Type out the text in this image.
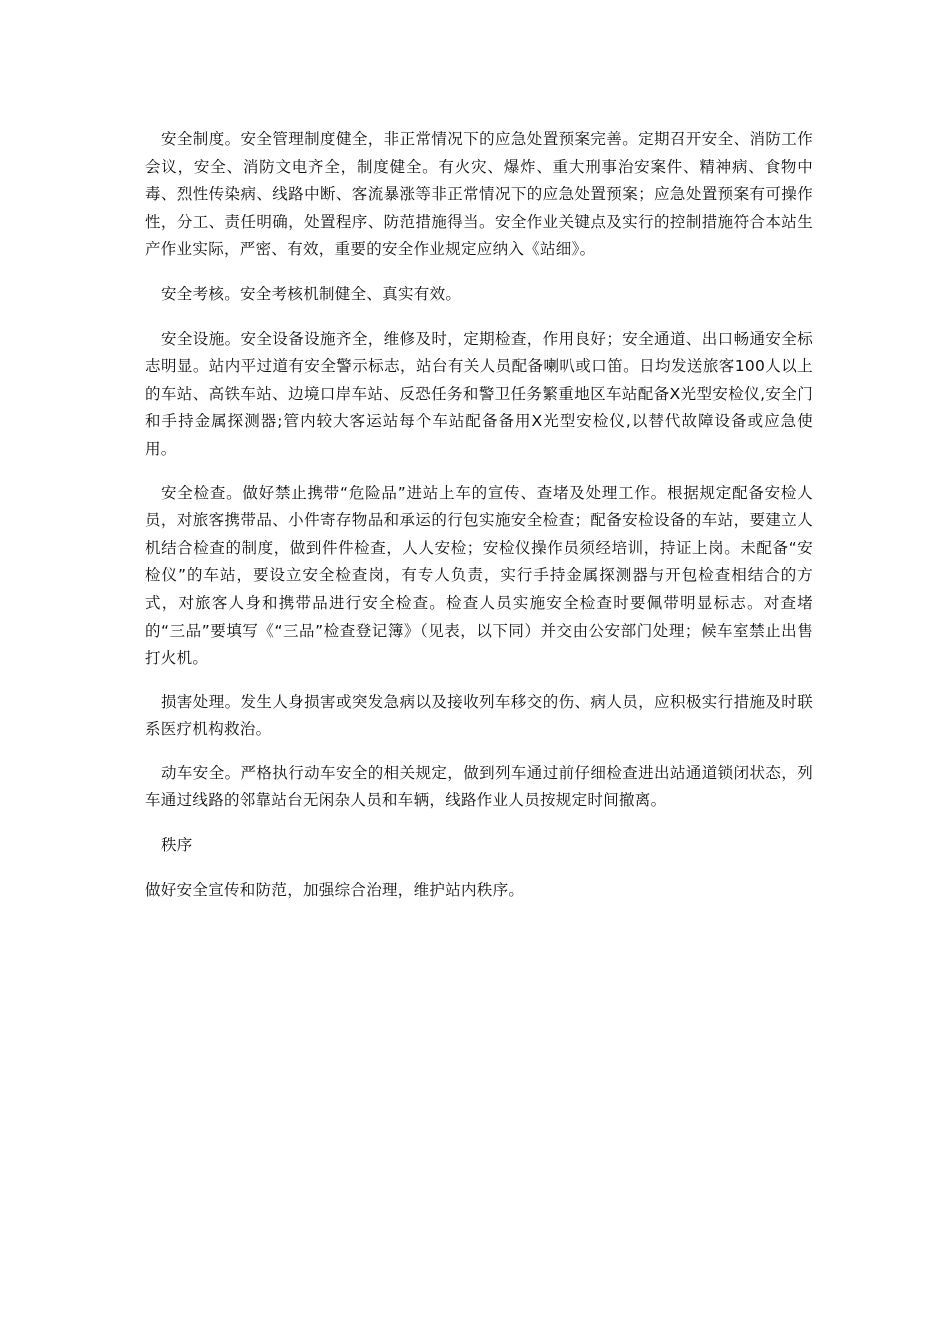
安全制度。安全管理制度健全，非正常情况下的应急处置预案完善。定期召开安全、消防工作会议，安全、消防文电齐全，制度健全。有火灾、爆炸、重大刑事治安案件、精神病、食物中毒、烈性传染病、线路中断、客流暴涨等非正常情况下的应急处置预案；应急处置预案有可操作性，分工、责任明确，处置程序、防范措施得当。安全作业关键点及实行的控制措施符合本站生产作业实际，严密、有效，重要的安全作业规定应纳入《站细》。

安全考核。安全考核机制健全、真实有效。

安全设施。安全设备设施齐全，维修及时，定期检查，作用良好；安全通道、出口畅通安全标志明显。站内平过道有安全警示标志，站台有关人员配备喇叭或口笛。日均发送旅客100人以上的车站、高铁车站、边境口岸车站、反恐任务和警卫任务繁重地区车站配备X光型安检仪,安全门和手持金属探测器;管内较大客运站每个车站配备备用X光型安检仪,以替代故障设备或应急使用。

安全检查。做好禁止携带“危险品”进站上车的宣传、查堵及处理工作。根据规定配备安检人员，对旅客携带品、小件寄存物品和承运的行包实施安全检查；配备安检设备的车站，要建立人机结合检查的制度，做到件件检查，人人安检；安检仪操作员须经培训，持证上岗。未配备“安检仪”的车站，要设立安全检查岗，有专人负责，实行手持金属探测器与开包检查相结合的方式，对旅客人身和携带品进行安全检查。检查人员实施安全检查时要佩带明显标志。对查堵的“三品”要填写《“三品”检查登记簿》（见表，以下同）并交由公安部门处理；候车室禁止出售打火机。

损害处理。发生人身损害或突发急病以及接收列车移交的伤、病人员，应积极实行措施及时联系医疗机构救治。

动车安全。严格执行动车安全的相关规定，做到列车通过前仔细检查进出站通道锁闭状态，列车通过线路的邻靠站台无闲杂人员和车辆，线路作业人员按规定时间撤离。

秩序

做好安全宣传和防范，加强综合治理，维护站内秩序。
